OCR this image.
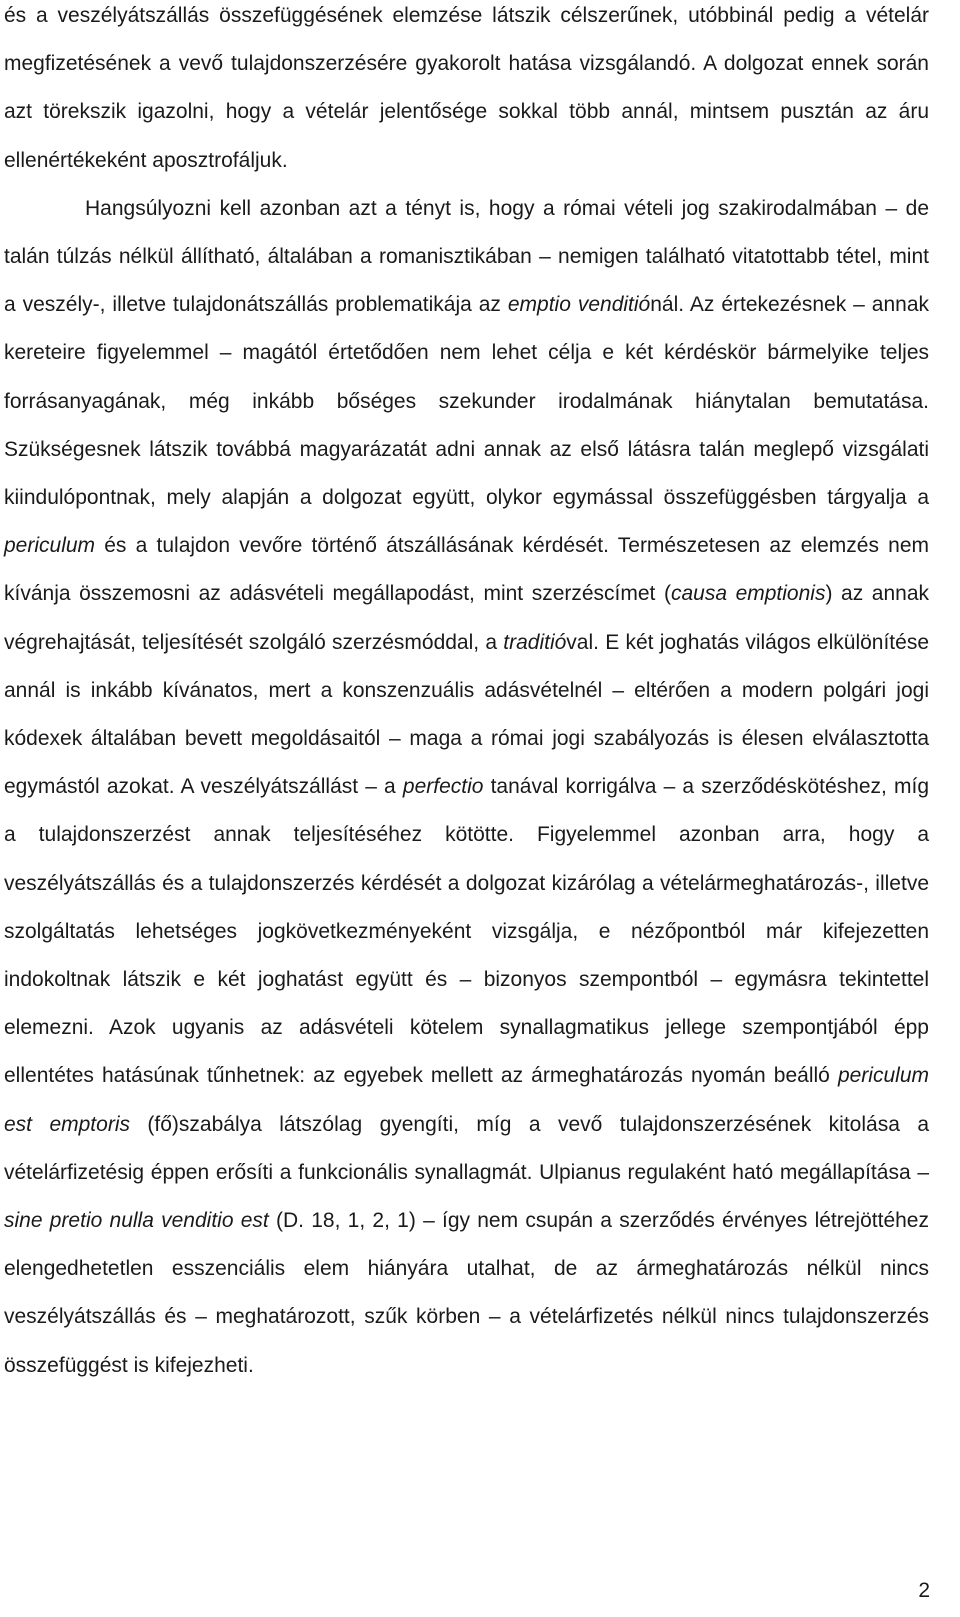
és a veszélyátszállás összefüggésének elemzése látszik célszerűnek, utóbbinál pedig a vételár megfizetésének a vevő tulajdonszerzésére gyakorolt hatása vizsgálandó. A dolgozat ennek során azt törekszik igazolni, hogy a vételár jelentősége sokkal több annál, mintsem pusztán az áru ellenértékeként aposztrofáljuk.

Hangsúlyozni kell azonban azt a tényt is, hogy a római vételi jog szakirodalmában – de talán túlzás nélkül állítható, általában a romanisztikában – nemigen található vitatottabb tétel, mint a veszély-, illetve tulajdonátszállás problematikája az emptio venditiónál. Az értekezésnek – annak kereteire figyelemmel – magától értetődően nem lehet célja e két kérdéskör bármelyike teljes forrásanyagának, még inkább bőséges szekunder irodalmának hiánytalan bemutatása. Szükségesnek látszik továbbá magyarázatát adni annak az első látásra talán meglepő vizsgálati kiindulópontnak, mely alapján a dolgozat együtt, olykor egymással összefüggésben tárgyalja a periculum és a tulajdon vevőre történő átszállásának kérdését. Természetesen az elemzés nem kívánja összemosni az adásvételi megállapodást, mint szerzéscímet (causa emptionis) az annak végrehajtását, teljesítését szolgáló szerzésmóddal, a traditióval. E két joghatás világos elkülönítése annál is inkább kívánatos, mert a konszenzuális adásvételnél – eltérően a modern polgári jogi kódexek általában bevett megoldásaitól – maga a római jogi szabályozás is élesen elválasztotta egymástól azokat. A veszélyátszállást – a perfectio tanával korrigálva – a szerződéskötéshez, míg a tulajdonszerzést annak teljesítéséhez kötötte. Figyelemmel azonban arra, hogy a veszélyátszállás és a tulajdonszerzés kérdését a dolgozat kizárólag a vételármeghatározás-, illetve szolgáltatás lehetséges jogkövetkezményeként vizsgálja, e nézőpontból már kifejezetten indokoltnak látszik e két joghatást együtt és – bizonyos szempontból – egymásra tekintettel elemezni. Azok ugyanis az adásvételi kötelem synallagmatikus jellege szempontjából épp ellentétes hatásúnak tűnhetnek: az egyebek mellett az ármeghatározás nyomán beálló periculum est emptoris (fő)szabálya látszólag gyengíti, míg a vevő tulajdonszerzésének kitolása a vételárfizetésig éppen erősíti a funkcionális synallagmát. Ulpianus regulaként ható megállapítása – sine pretio nulla venditio est (D. 18, 1, 2, 1) – így nem csupán a szerződés érvényes létrejöttéhez elengedhetetlen esszenciális elem hiányára utalhat, de az ármeghatározás nélkül nincs veszélyátszállás és – meghatározott, szűk körben – a vételárfizetés nélkül nincs tulajdonszerzés összefüggést is kifejezheti.

2
